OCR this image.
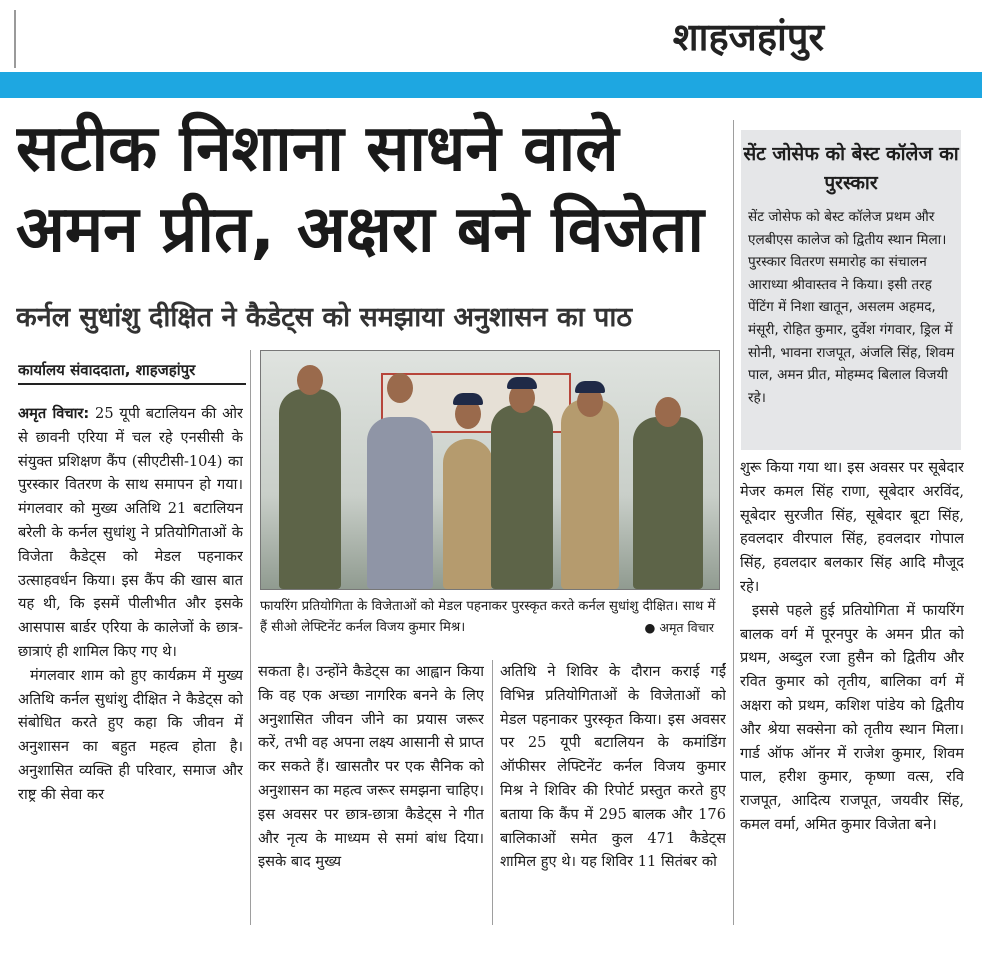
शाहजहांपुर
सटीक निशाना साधने वाले
अमन प्रीत, अक्षरा बने विजेता
कर्नल सुधांशु दीक्षित ने कैडेट्स को समझाया अनुशासन का पाठ
कार्यालय संवाददाता, शाहजहांपुर

अमृत विचार: 25 यूपी बटालियन की ओर से छावनी एरिया में चल रहे एनसीसी के संयुक्त प्रशिक्षण कैंप (सीएटीसी-104) का पुरस्कार वितरण के साथ समापन हो गया। मंगलवार को मुख्य अतिथि 21 बटालियन बरेली के कर्नल सुधांशु ने प्रतियोगिताओं के विजेता कैडेट्स को मेडल पहनाकर उत्साहवर्धन किया। इस कैंप की खास बात यह थी, कि इसमें पीलीभीत और इसके आसपास बार्डर एरिया के कालेजों के छात्र-छात्राएं ही शामिल किए गए थे।

मंगलवार शाम को हुए कार्यक्रम में मुख्य अतिथि कर्नल सुधांशु दीक्षित ने कैडेट्स को संबोधित करते हुए कहा कि जीवन में अनुशासन का बहुत महत्व होता है। अनुशासित व्यक्ति ही परिवार, समाज और राष्ट्र की सेवा कर

फायरिंग प्रतियोगिता के विजेताओं को मेडल पहनाकर पुरस्कृत करते कर्नल सुधांशु दीक्षित। साथ में हैं सीओ लेफ्टिनेंट कर्नल विजय कुमार मिश्र।	● अमृत विचार

सकता है। उन्होंने कैडेट्स का आह्वान किया कि वह एक अच्छा नागरिक बनने के लिए अनुशासित जीवन जीने का प्रयास जरूर करें, तभी वह अपना लक्ष्य आसानी से प्राप्त कर सकते हैं। खासतौर पर एक सैनिक को अनुशासन का महत्व जरूर समझना चाहिए। इस अवसर पर छात्र-छात्रा कैडेट्स ने गीत और नृत्य के माध्यम से समां बांध दिया। इसके बाद मुख्य

अतिथि ने शिविर के दौरान कराई गईं विभिन्न प्रतियोगिताओं के विजेताओं को मेडल पहनाकर पुरस्कृत किया। इस अवसर पर 25 यूपी बटालियन के कमांडिंग ऑफीसर लेफ्टिनेंट कर्नल विजय कुमार मिश्र ने शिविर की रिपोर्ट प्रस्तुत करते हुए बताया कि कैंप में 295 बालक और 176 बालिकाओं समेत कुल 471 कैडेट्स शामिल हुए थे। यह शिविर 11 सितंबर को

सेंट जोसेफ को बेस्ट कॉलेज का पुरस्कार
सेंट जोसेफ को बेस्ट कॉलेज प्रथम और एलबीएस कालेज को द्वितीय स्थान मिला। पुरस्कार वितरण समारोह का संचालन आराध्या श्रीवास्तव ने किया। इसी तरह पेंटिंग में निशा खातून, असलम अहमद, मंसूरी, रोहित कुमार, दुर्वेश गंगवार, ड्रिल में सोनी, भावना राजपूत, अंजलि सिंह, शिवम पाल, अमन प्रीत, मोहम्मद बिलाल विजयी रहे।

शुरू किया गया था। इस अवसर पर सूबेदार मेजर कमल सिंह राणा, सूबेदार अरविंद, सूबेदार सुरजीत सिंह, सूबेदार बूटा सिंह, हवलदार वीरपाल सिंह, हवलदार गोपाल सिंह, हवलदार बलकार सिंह आदि मौजूद रहे।

इससे पहले हुई प्रतियोगिता में फायरिंग बालक वर्ग में पूरनपुर के अमन प्रीत को प्रथम, अब्दुल रजा हुसैन को द्वितीय और रवित कुमार को तृतीय, बालिका वर्ग में अक्षरा को प्रथम, कशिश पांडेय को द्वितीय और श्रेया सक्सेना को तृतीय स्थान मिला। गार्ड ऑफ ऑनर में राजेश कुमार, शिवम पाल, हरीश कुमार, कृष्णा वत्स, रवि राजपूत, आदित्य राजपूत, जयवीर सिंह, कमल वर्मा, अमित कुमार विजेता बने।
